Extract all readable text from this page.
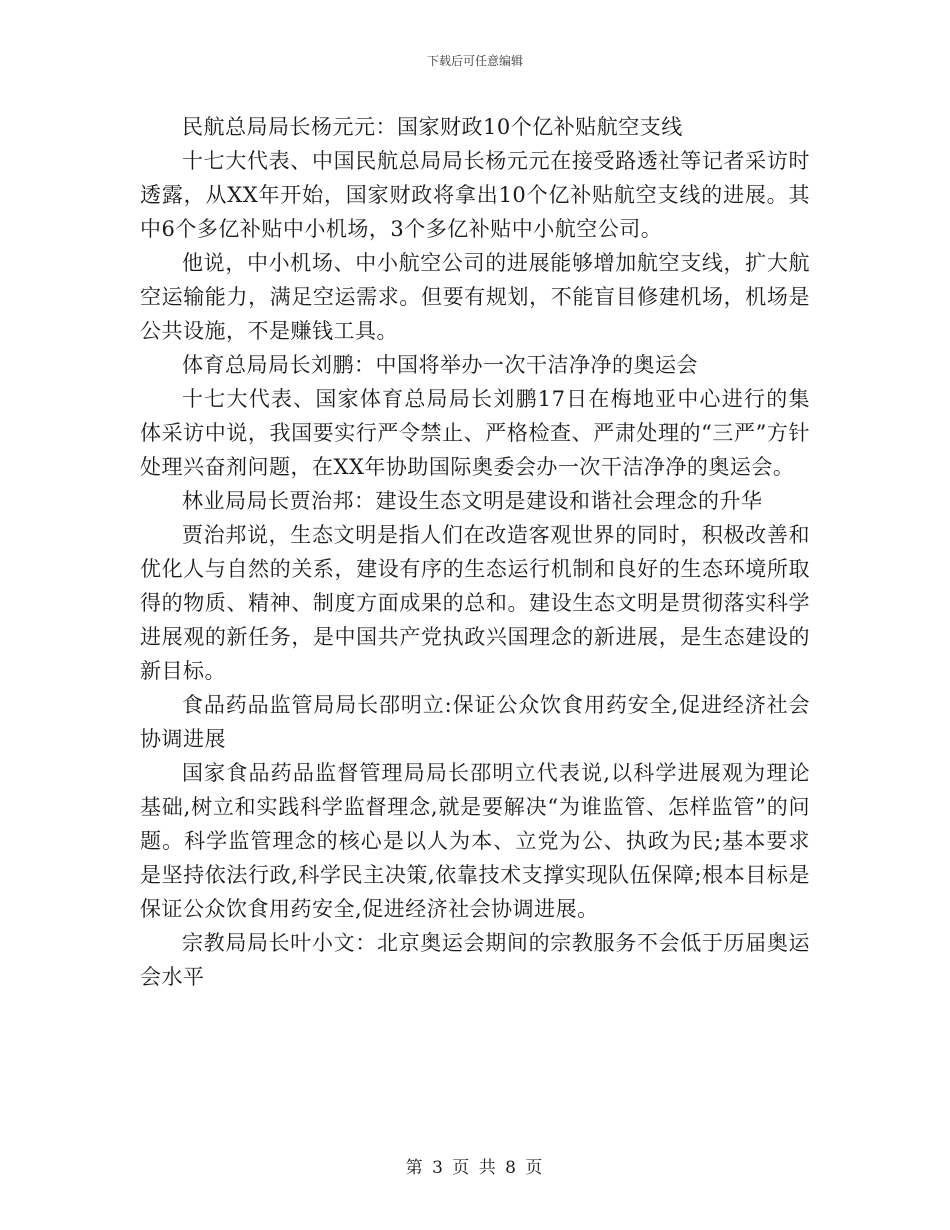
下载后可任意编辑

民航总局局长杨元元：国家财政10个亿补贴航空支线

十七大代表、中国民航总局局长杨元元在接受路透社等记者采访时透露，从XX年开始，国家财政将拿出10个亿补贴航空支线的进展。其中6个多亿补贴中小机场，3个多亿补贴中小航空公司。

他说，中小机场、中小航空公司的进展能够增加航空支线，扩大航空运输能力，满足空运需求。但要有规划，不能盲目修建机场，机场是公共设施，不是赚钱工具。

体育总局局长刘鹏：中国将举办一次干洁净净的奥运会

十七大代表、国家体育总局局长刘鹏17日在梅地亚中心进行的集体采访中说，我国要实行严令禁止、严格检查、严肃处理的“三严”方针处理兴奋剂问题，在XX年协助国际奥委会办一次干洁净净的奥运会。

林业局局长贾治邦：建设生态文明是建设和谐社会理念的升华

贾治邦说，生态文明是指人们在改造客观世界的同时，积极改善和优化人与自然的关系，建设有序的生态运行机制和良好的生态环境所取得的物质、精神、制度方面成果的总和。建设生态文明是贯彻落实科学进展观的新任务，是中国共产党执政兴国理念的新进展，是生态建设的新目标。

食品药品监管局局长邵明立:保证公众饮食用药安全,促进经济社会协调进展

国家食品药品监督管理局局长邵明立代表说,以科学进展观为理论基础,树立和实践科学监督理念,就是要解决“为谁监管、怎样监管”的问题。科学监管理念的核心是以人为本、立党为公、执政为民;基本要求是坚持依法行政,科学民主决策,依靠技术支撑实现队伍保障;根本目标是保证公众饮食用药安全,促进经济社会协调进展。

宗教局局长叶小文：北京奥运会期间的宗教服务不会低于历届奥运会水平

第 3 页 共 8 页
